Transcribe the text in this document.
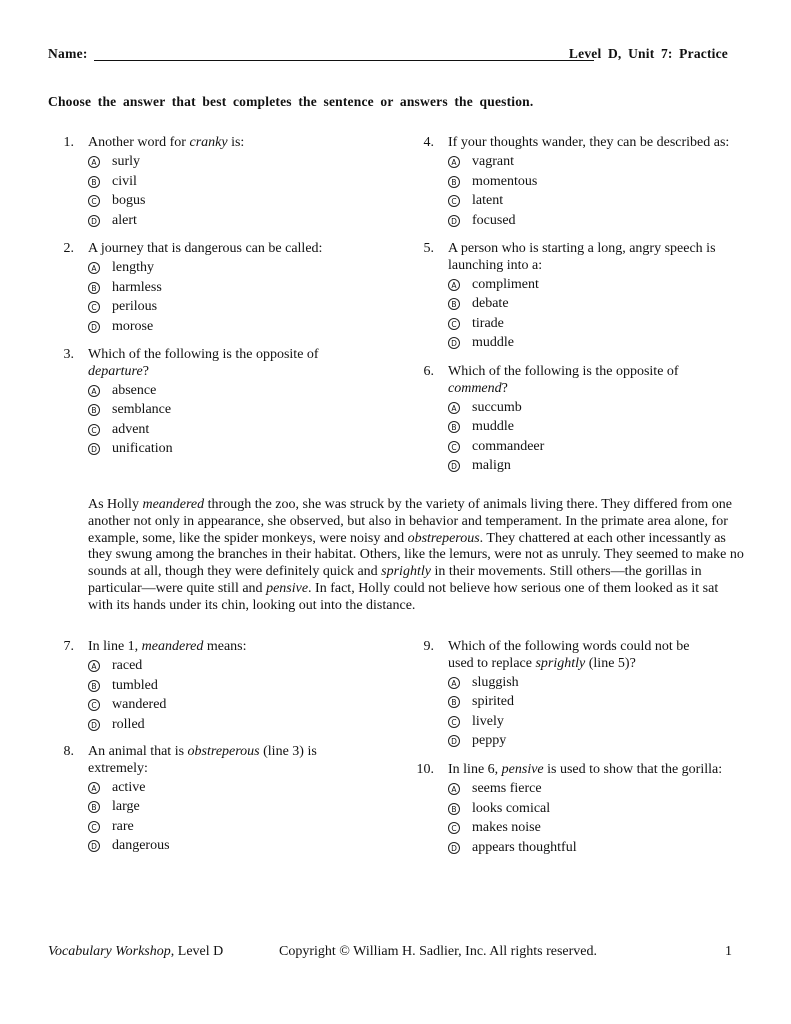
Name:	Level D, Unit 7: Practice
Choose the answer that best completes the sentence or answers the question.
1. Another word for cranky is:
A surly
B civil
C bogus
D alert
2. A journey that is dangerous can be called:
A lengthy
B harmless
C perilous
D morose
3. Which of the following is the opposite of departure?
A absence
B semblance
C advent
D unification
4. If your thoughts wander, they can be described as:
A vagrant
B momentous
C latent
D focused
5. A person who is starting a long, angry speech is launching into a:
A compliment
B debate
C tirade
D muddle
6. Which of the following is the opposite of commend?
A succumb
B muddle
C commandeer
D malign
As Holly meandered through the zoo, she was struck by the variety of animals living there. They differed from one another not only in appearance, she observed, but also in behavior and temperament. In the primate area alone, for example, some, like the spider monkeys, were noisy and obstreperous. They chattered at each other incessantly as they swung among the branches in their habitat. Others, like the lemurs, were not as unruly. They seemed to make no sounds at all, though they were definitely quick and sprightly in their movements. Still others—the gorillas in particular—were quite still and pensive. In fact, Holly could not believe how serious one of them looked as it sat with its hands under its chin, looking out into the distance.
7. In line 1, meandered means:
A raced
B tumbled
C wandered
D rolled
8. An animal that is obstreperous (line 3) is extremely:
A active
B large
C rare
D dangerous
9. Which of the following words could not be used to replace sprightly (line 5)?
A sluggish
B spirited
C lively
D peppy
10. In line 6, pensive is used to show that the gorilla:
A seems fierce
B looks comical
C makes noise
D appears thoughtful
Vocabulary Workshop, Level D	Copyright © William H. Sadlier, Inc. All rights reserved.	1
